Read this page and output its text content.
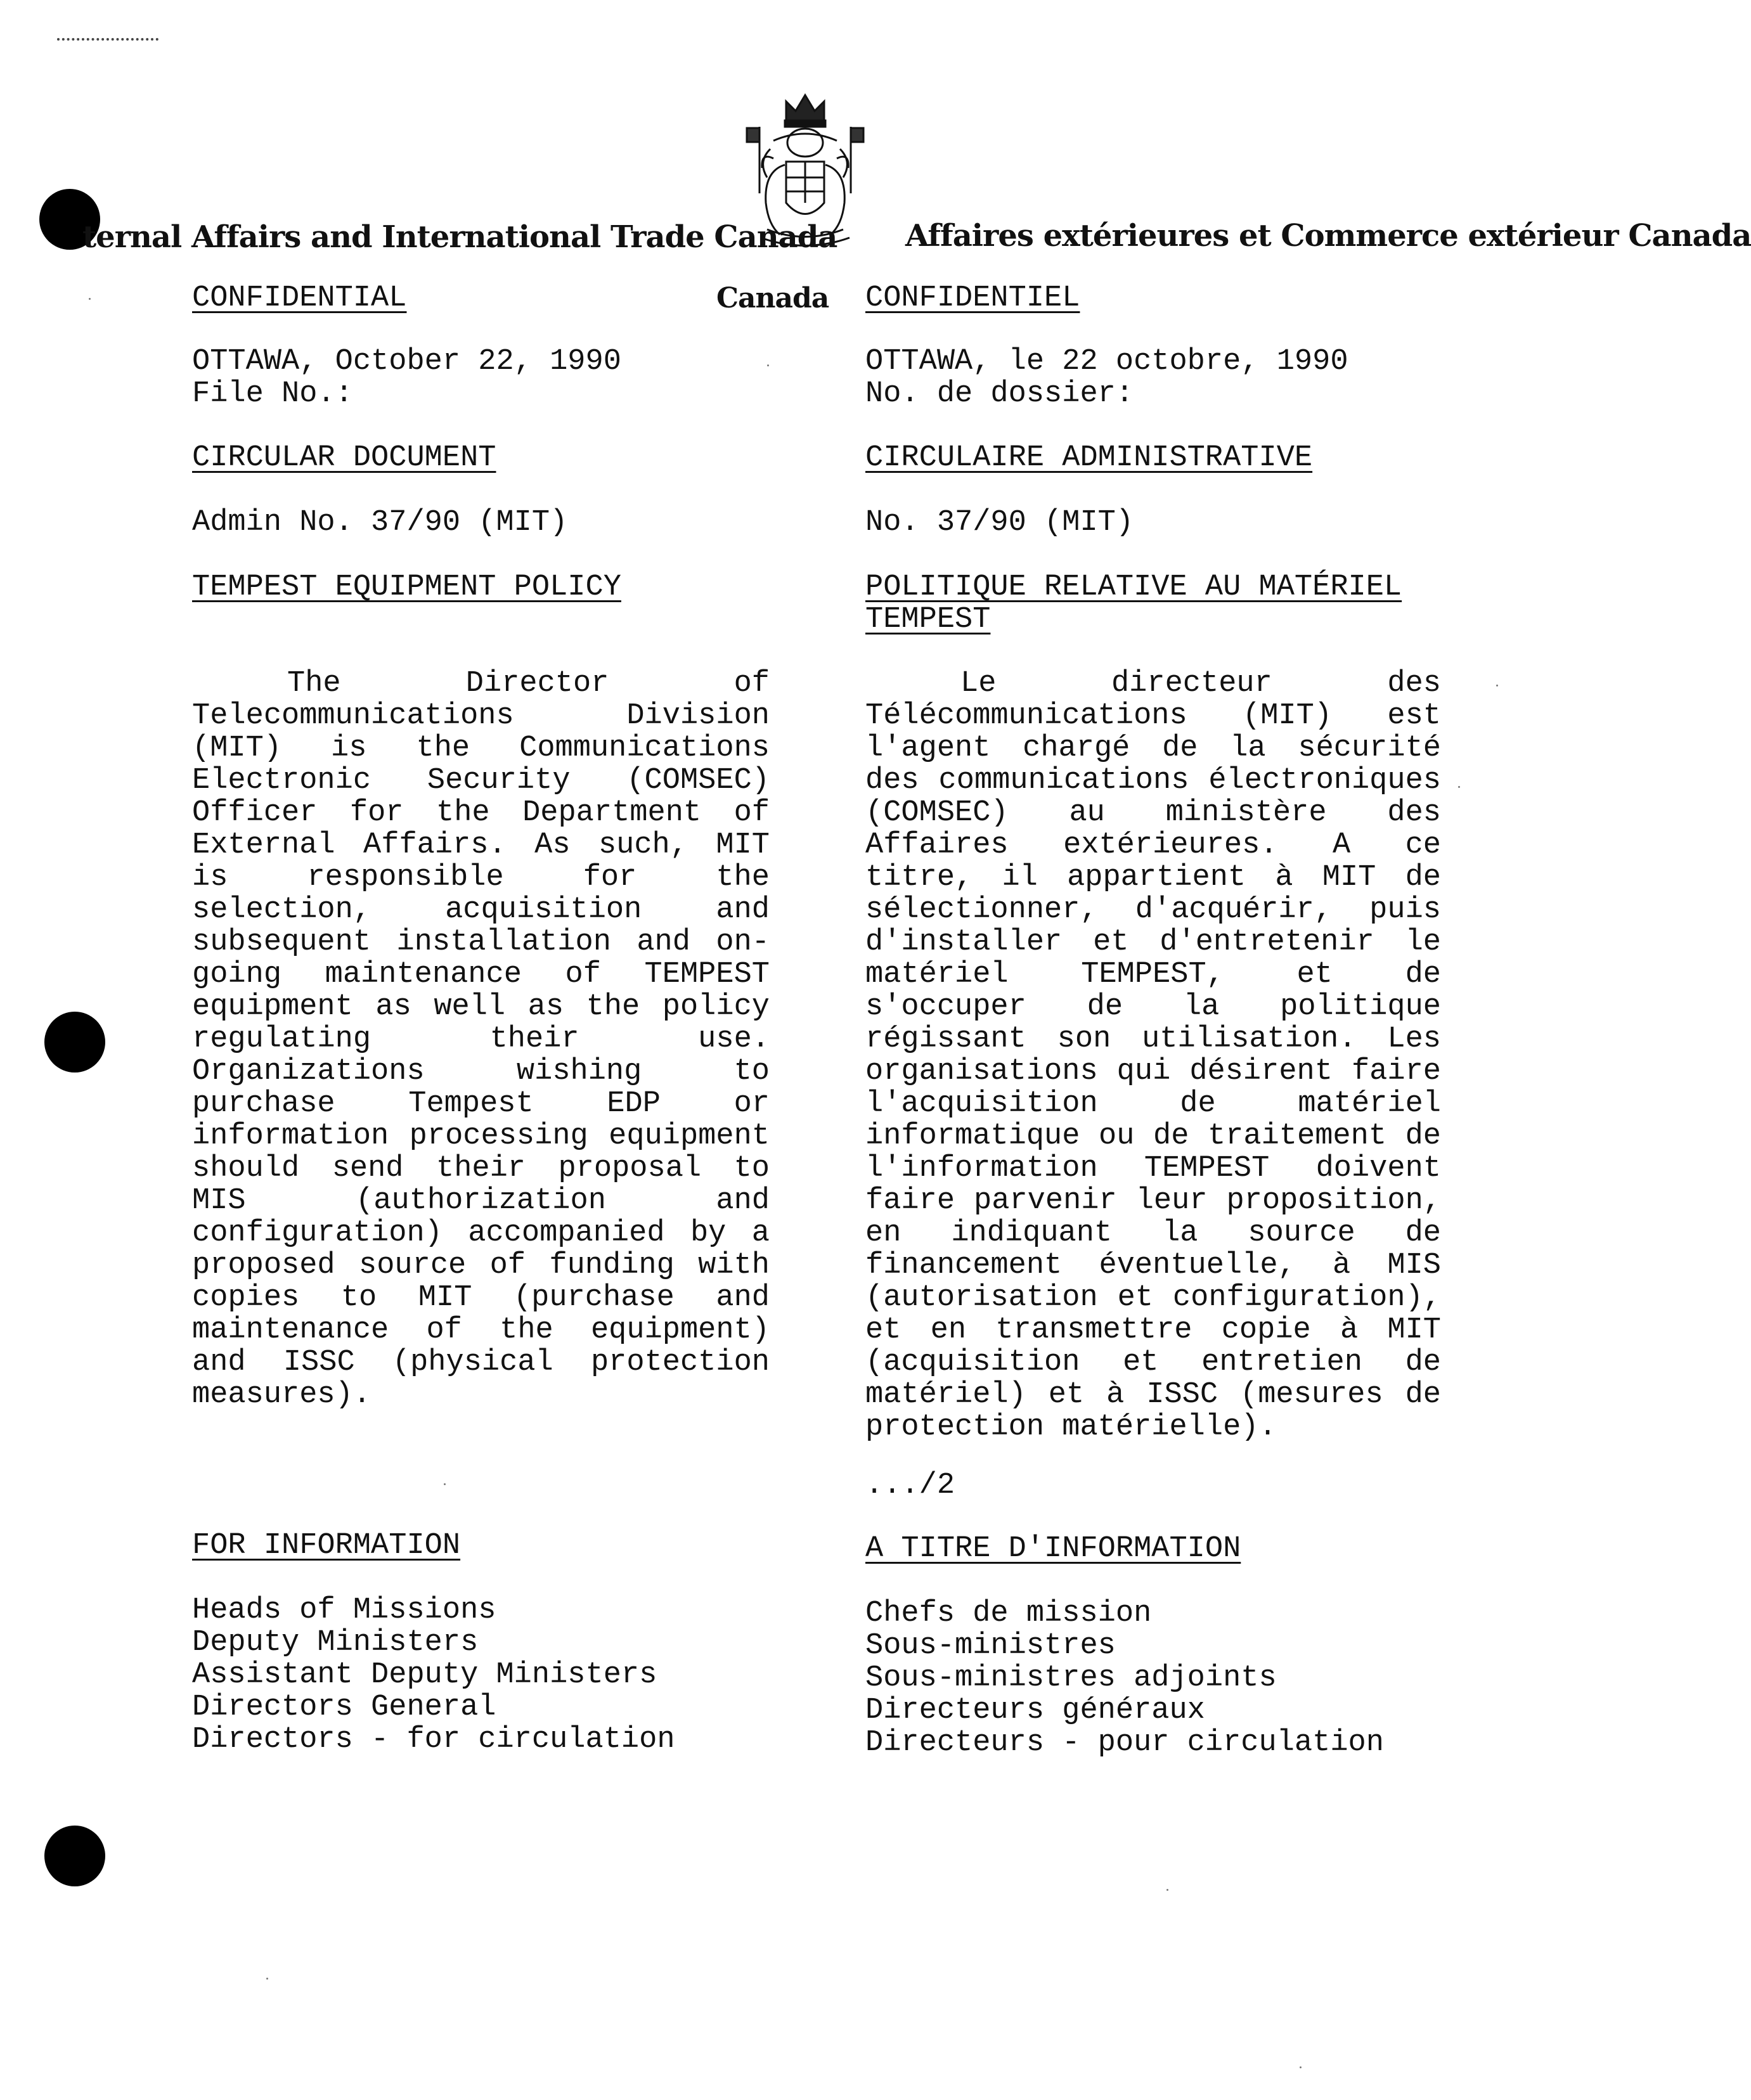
ternal Affairs and International Trade Canada Affaires extérieures et Commerce extérieur Canada
Canada
CONFIDENTIAL
OTTAWA, October 22, 1990
File No.:
CIRCULAR DOCUMENT
Admin No. 37/90 (MIT)
TEMPEST EQUIPMENT POLICY
The Director of Telecommunications Division (MIT) is the Communications Electronic Security (COMSEC) Officer for the Department of External Affairs. As such, MIT is responsible for the selection, acquisition and subsequent installation and on-going maintenance of TEMPEST equipment as well as the policy regulating their use. Organizations wishing to purchase Tempest EDP or information processing equipment should send their proposal to MIS (authorization and configuration) accompanied by a proposed source of funding with copies to MIT (purchase and maintenance of the equipment) and ISSC (physical protection measures).
FOR INFORMATION
Heads of Missions
Deputy Ministers
Assistant Deputy Ministers
Directors General
Directors - for circulation
CONFIDENTIEL
OTTAWA, le 22 octobre, 1990
No. de dossier:
CIRCULAIRE ADMINISTRATIVE
No. 37/90 (MIT)
POLITIQUE RELATIVE AU MATÉRIEL
TEMPEST
Le directeur des Télécommunications (MIT) est l'agent chargé de la sécurité des communications électroniques (COMSEC) au ministère des Affaires extérieures. A ce titre, il appartient à MIT de sélectionner, d'acquérir, puis d'installer et d'entretenir le matériel TEMPEST, et de s'occuper de la politique régissant son utilisation. Les organisations qui désirent faire l'acquisition de matériel informatique ou de traitement de l'information TEMPEST doivent faire parvenir leur proposition, en indiquant la source de financement éventuelle, à MIS (autorisation et configuration), et en transmettre copie à MIT (acquisition et entretien de matériel) et à ISSC (mesures de protection matérielle).
.../2
A TITRE D'INFORMATION
Chefs de mission
Sous-ministres
Sous-ministres adjoints
Directeurs généraux
Directeurs - pour circulation
